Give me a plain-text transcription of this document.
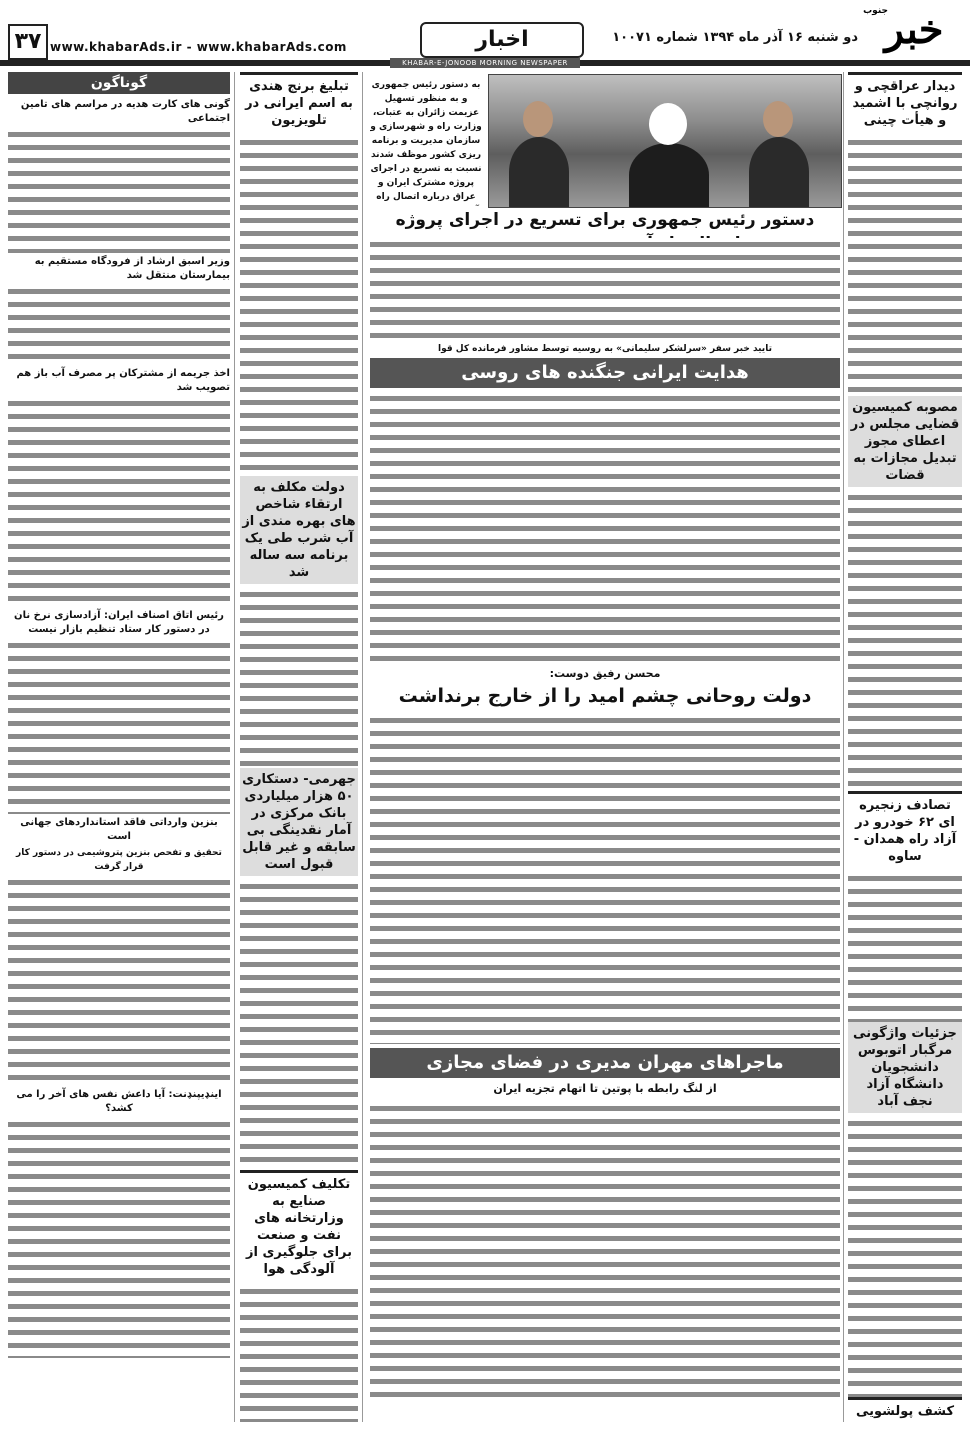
خبر
جنوب
دو شنبه ۱۶ آذر ماه ۱۳۹۴ شماره ۱۰۰۷۱
اخبار
www.khabarAds.ir - www.khabarAds.com
۳۷
KHABAR-E-JONOOB MORNING NEWSPAPER
دیدار عراقچی و روانچی با اشمید و هیأت چینی
مصوبه کمیسیون قضایی مجلس در اعطای مجوز تبدیل مجازات به قضات
تصادف زنجیره ای ۶۲ خودرو در آزاد راه همدان - ساوه
جزئیات واژگونی مرگبار اتوبوس دانشجویان دانشگاه آزاد نجف آباد
کشف پولشویی
به دستور رئیس جمهوری و به منظور تسهیل عزیمت زائران به عتبات، وزارت راه و شهرسازی و سازمان مدیریت و برنامه ریزی کشور موظف شدند نسبت به تسریع در اجرای پروژه مشترک ایران و عراق درباره اتصال راه
دستور رئیس جمهوری برای تسریع در اجرای پروژه
تایید خبر سفر «سرلشکر سلیمانی» به روسیه توسط مشاور فرمانده کل قوا
هدایت ایرانی جنگنده های روسی
محسن رفیق دوست:
دولت روحانی چشم امید را از خارج برنداشت
ماجراهای مهران مدیری در فضای مجازی
از لنگ رابطه با پوتین تا اتهام تجزیه ایران
تبلیغ برنج هندی به اسم ایرانی در تلویزیون
دولت مکلف به ارتقاء شاخص های بهره مندی از آب شرب طی یک برنامه سه ساله شد
جهرمی- دستکاری ۵۰ هزار میلیاردی بانک مرکزی در آمار نقدینگی بی سابقه و غیر قابل قبول است
تکلیف کمیسیون صنایع به وزارتخانه های نفت و صنعت برای جلوگیری از آلودگی هوا
گوناگون
گونی های کارت هدیه در مراسم های تامین اجتماعی
وزیر اسبق ارشاد از فرودگاه مستقیم به بیمارستان منتقل شد
اخذ جریمه از مشترکان پر مصرف آب باز هم تصویب شد
رئیس اتاق اصناف ایران: آزادسازی نرخ نان در دستور کار ستاد تنظیم بازار نیست
بنزین وارداتی فاقد استانداردهای جهانی است
تحقیق و تفحص بنزین پتروشیمی در دستور کار قرار گرفت
اینډیپنډنت: آیا داعش نفس های آخر را می کشد؟
